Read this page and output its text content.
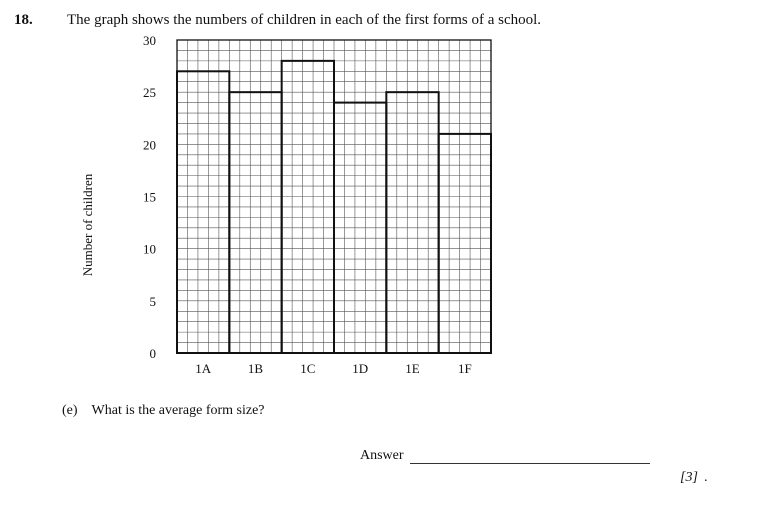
18. The graph shows the numbers of children in each of the first forms of a school.
Number of children
1A	1B	1C	1D	1E	1F
0
5
10
15
20
25
30
(e) What is the average form size?
Answer
[3] .
